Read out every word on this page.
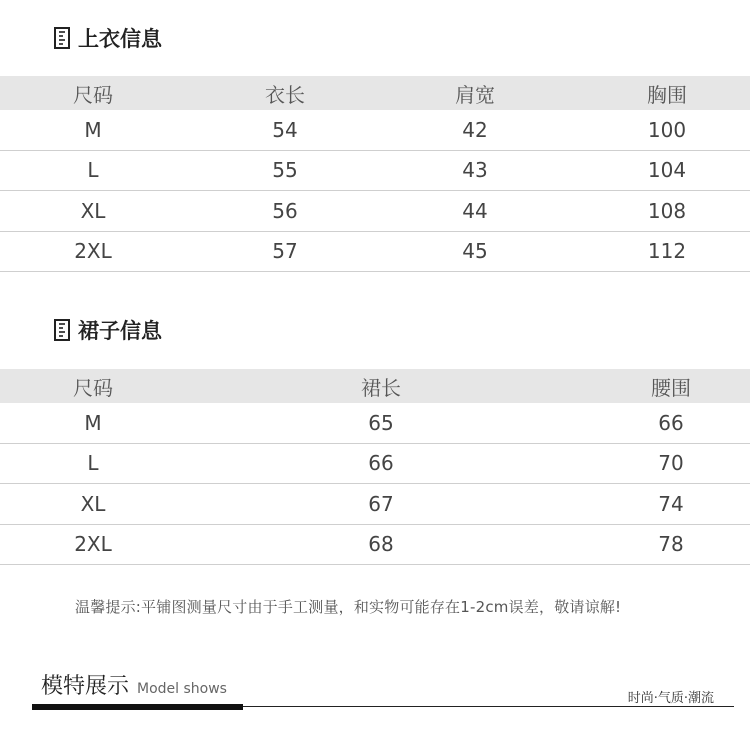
上衣信息
尺码	衣长	肩宽	胸围
M	54	42	100
L	55	43	104
XL	56	44	108
2XL	57	45	112
裙子信息
尺码	裙长	腰围
M	65	66
L	66	70
XL	67	74
2XL	68	78
温馨提示:平铺图测量尺寸由于手工测量，和实物可能存在1-2cm误差，敬请谅解!
模特展示 Model shows
时尚·气质·潮流
